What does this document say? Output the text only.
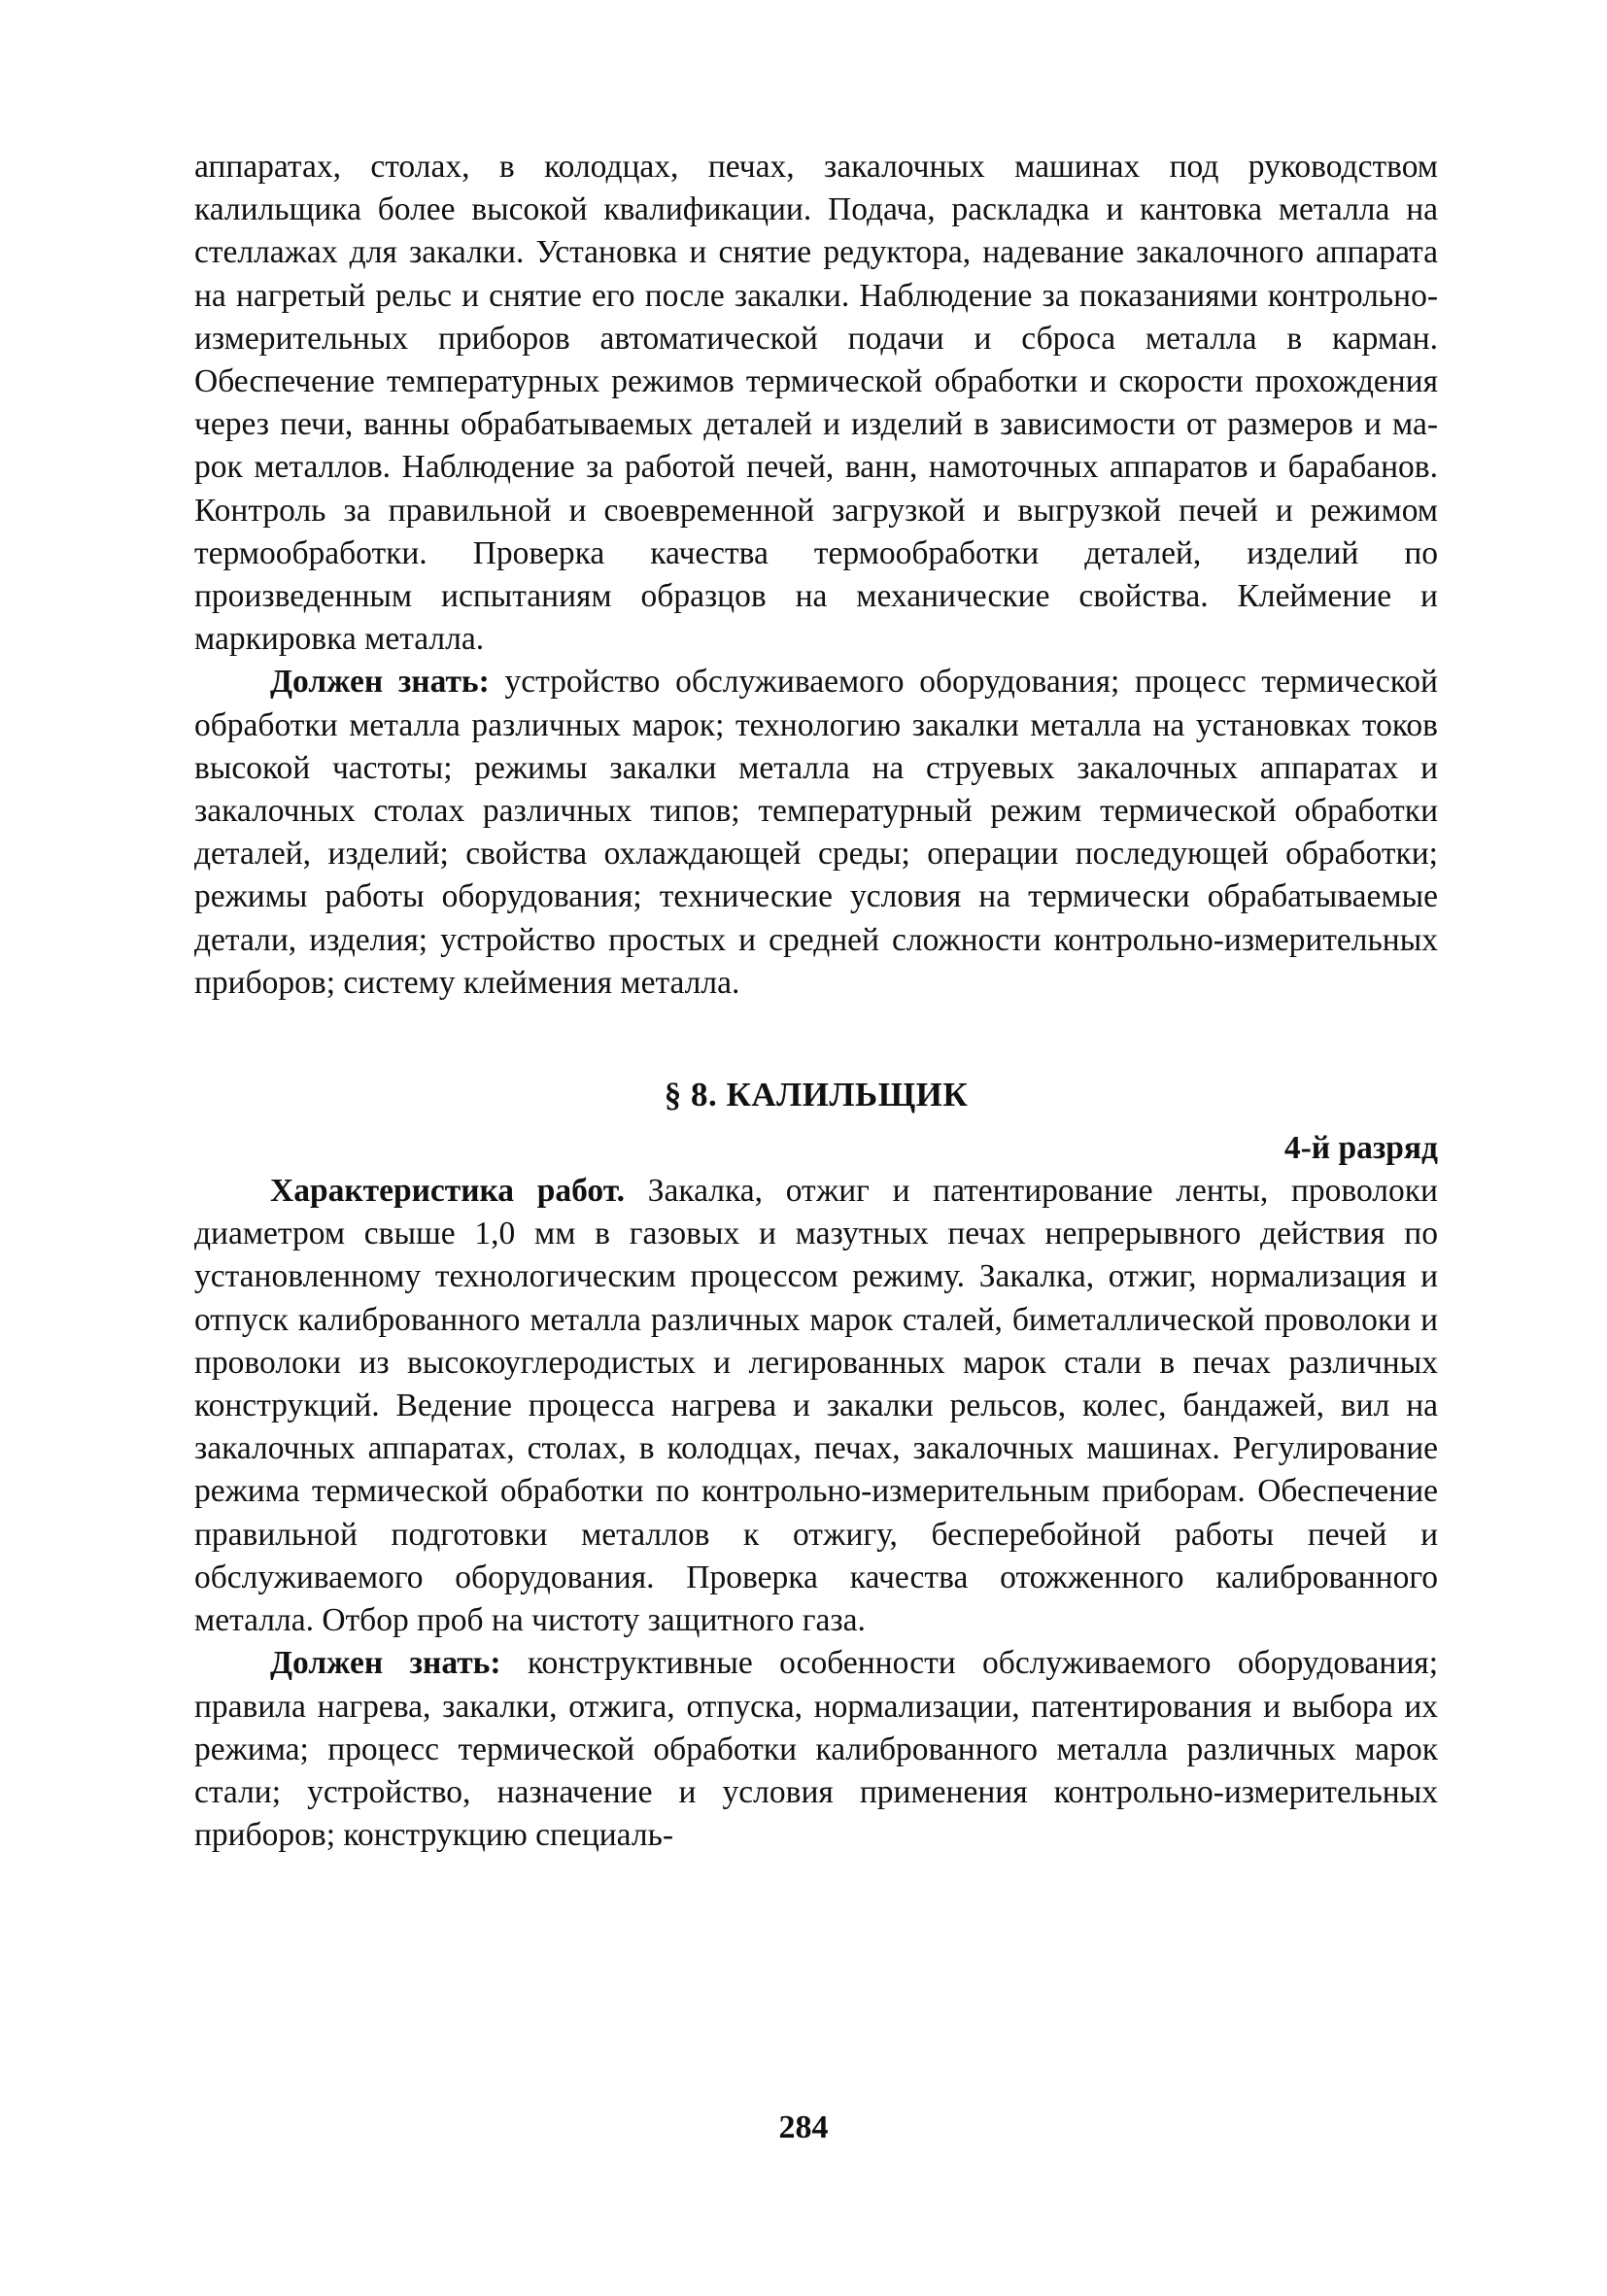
аппаратах, столах, в колодцах, печах, закалочных машинах под руководством калильщика более высокой квалификации. Подача, раскладка и кантовка металла на стеллажах для закалки. Установка и снятие редуктора, надевание закалочного аппарата на нагретый рельс и снятие его после закалки. Наблюдение за показаниями контрольно-измерительных приборов автоматической подачи и сброса металла в карман. Обеспечение температурных режимов термической обработки и скорости прохождения через печи, ванны обрабатываемых деталей и изделий в зависимости от размеров и марок металлов. Наблюдение за работой печей, ванн, намоточных аппаратов и барабанов. Контроль за правильной и своевременной загрузкой и выгрузкой печей и режимом термообработки. Проверка качества термообработки деталей, изделий по произведенным испытаниям образцов на механические свойства. Клеймение и маркировка металла.

Должен знать: устройство обслуживаемого оборудования; процесс термической обработки металла различных марок; технологию закалки металла на установках токов высокой частоты; режимы закалки металла на струевых закалочных аппаратах и закалочных столах различных типов; температурный режим термической обработки деталей, изделий; свойства охлаждающей среды; операции последующей обработки; режимы работы оборудования; технические условия на термически обрабатываемые детали, изделия; устройство простых и средней сложности контрольно-измерительных приборов; систему клеймения металла.

§ 8. КАЛИЛЬЩИК

4-й разряд

Характеристика работ. Закалка, отжиг и патентирование ленты, проволоки диаметром свыше 1,0 мм в газовых и мазутных печах непрерывного действия по установленному технологическим процессом режиму. Закалка, отжиг, нормализация и отпуск калиброванного металла различных марок сталей, биметаллической проволоки и проволоки из высокоуглеродистых и легированных марок стали в печах различных конструкций. Ведение процесса нагрева и закалки рельсов, колес, бандажей, вил на закалочных аппаратах, столах, в колодцах, печах, закалочных машинах. Регулирование режима термической обработки по контрольно-измерительным приборам. Обеспечение правильной подготовки металлов к отжигу, бесперебойной работы печей и обслуживаемого оборудования. Проверка качества отожженного калиброванного металла. Отбор проб на чистоту защитного газа.

Должен знать: конструктивные особенности обслуживаемого оборудования; правила нагрева, закалки, отжига, отпуска, нормализации, патентирования и выбора их режима; процесс термической обработки калиброванного металла различных марок стали; устройство, назначение и условия применения контрольно-измерительных приборов; конструкцию специаль-

284
